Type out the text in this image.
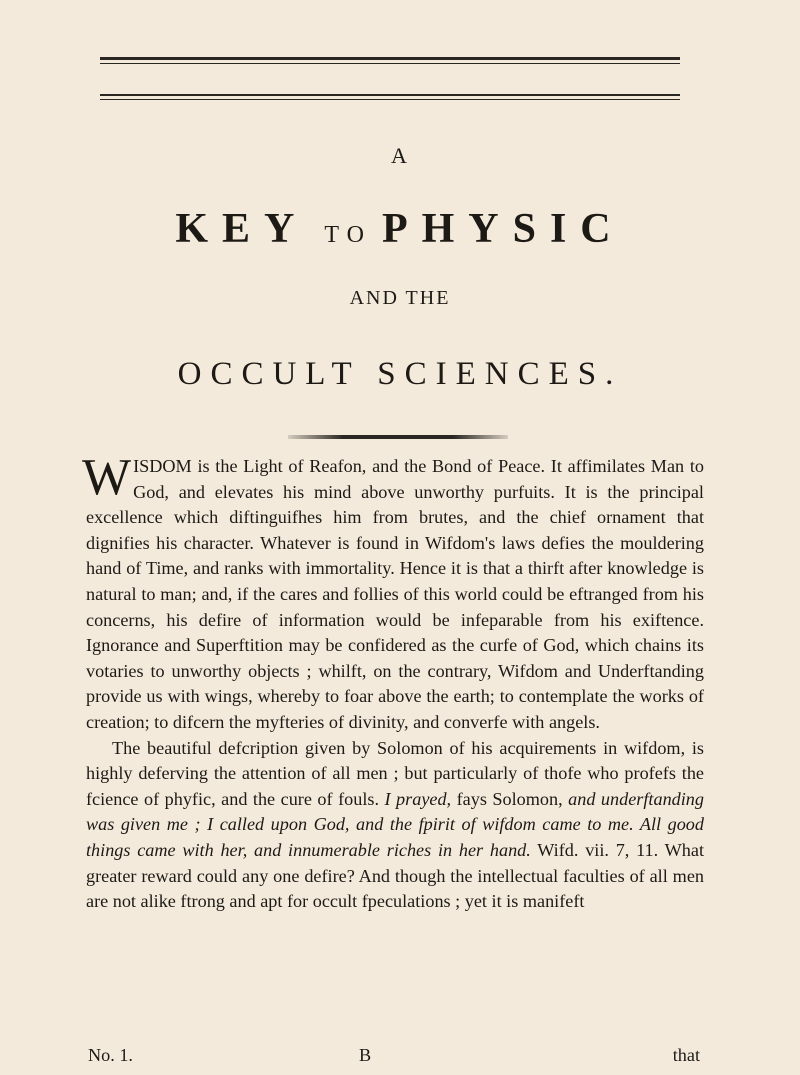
A
KEY TO PHYSIC
AND THE
OCCULT SCIENCES.

WISDOM is the Light of Reafon, and the Bond of Peace. It affimilates Man to God, and elevates his mind above unworthy purfuits. It is the principal excellence which diftinguifhes him from brutes, and the chief ornament that dignifies his character. Whatever is found in Wifdom's laws defies the mouldering hand of Time, and ranks with immortality. Hence it is that a thirft after knowledge is natural to man; and, if the cares and follies of this world could be eftranged from his concerns, his defire of information would be infeparable from his exiftence. Ignorance and Superftition may be confidered as the curfe of God, which chains its votaries to unworthy objects ; whilft, on the contrary, Wifdom and Underftanding provide us with wings, whereby to foar above the earth; to contemplate the works of creation; to difcern the myfteries of divinity, and converfe with angels.

The beautiful defcription given by Solomon of his acquirements in wifdom, is highly deferving the attention of all men ; but particularly of thofe who profefs the fcience of phyfic, and the cure of fouls. I prayed, fays Solomon, and underftanding was given me ; I called upon God, and the fpirit of wifdom came to me. All good things came with her, and innumerable riches in her hand. Wifd. vii. 7, 11. What greater reward could any one defire? And though the intellectual faculties of all men are not alike ftrong and apt for occult fpeculations ; yet it is manifeft

No. 1.	B	that
